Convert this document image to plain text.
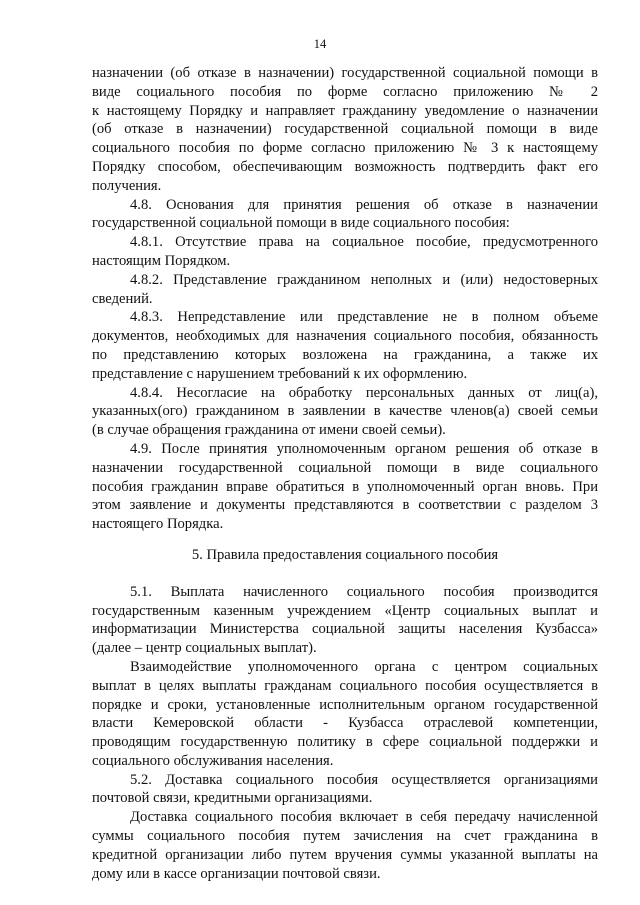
14
назначении (об отказе в назначении) государственной социальной помощи в
виде социального пособия по форме согласно приложению № 2
к настоящему Порядку и направляет гражданину уведомление о назначении
(об отказе в назначении) государственной социальной помощи в виде
социального пособия по форме согласно приложению № 3 к настоящему
Порядку способом, обеспечивающим возможность подтвердить факт его
получения.
4.8. Основания для принятия решения об отказе в назначении
государственной социальной помощи в виде социального пособия:
4.8.1. Отсутствие права на социальное пособие, предусмотренного
настоящим Порядком.
4.8.2. Представление гражданином неполных и (или) недостоверных
сведений.
4.8.3. Непредставление или представление не в полном объеме
документов, необходимых для назначения социального пособия, обязанность
по представлению которых возложена на гражданина, а также их
представление с нарушением требований к их оформлению.
4.8.4. Несогласие на обработку персональных данных от лиц(а),
указанных(ого) гражданином в заявлении в качестве членов(а) своей семьи
(в случае обращения гражданина от имени своей семьи).
4.9. После принятия уполномоченным органом решения об отказе в
назначении государственной социальной помощи в виде социального
пособия гражданин вправе обратиться в уполномоченный орган вновь. При
этом заявление и документы представляются в соответствии с разделом 3
настоящего Порядка.
5. Правила предоставления социального пособия
5.1. Выплата начисленного социального пособия производится
государственным казенным учреждением «Центр социальных выплат и
информатизации Министерства социальной защиты населения Кузбасса»
(далее – центр социальных выплат).
Взаимодействие уполномоченного органа с центром социальных
выплат в целях выплаты гражданам социального пособия осуществляется в
порядке и сроки, установленные исполнительным органом государственной
власти Кемеровской области - Кузбасса отраслевой компетенции,
проводящим государственную политику в сфере социальной поддержки и
социального обслуживания населения.
5.2. Доставка социального пособия осуществляется организациями
почтовой связи, кредитными организациями.
Доставка социального пособия включает в себя передачу начисленной
суммы социального пособия путем зачисления на счет гражданина в
кредитной организации либо путем вручения суммы указанной выплаты на
дому или в кассе организации почтовой связи.
